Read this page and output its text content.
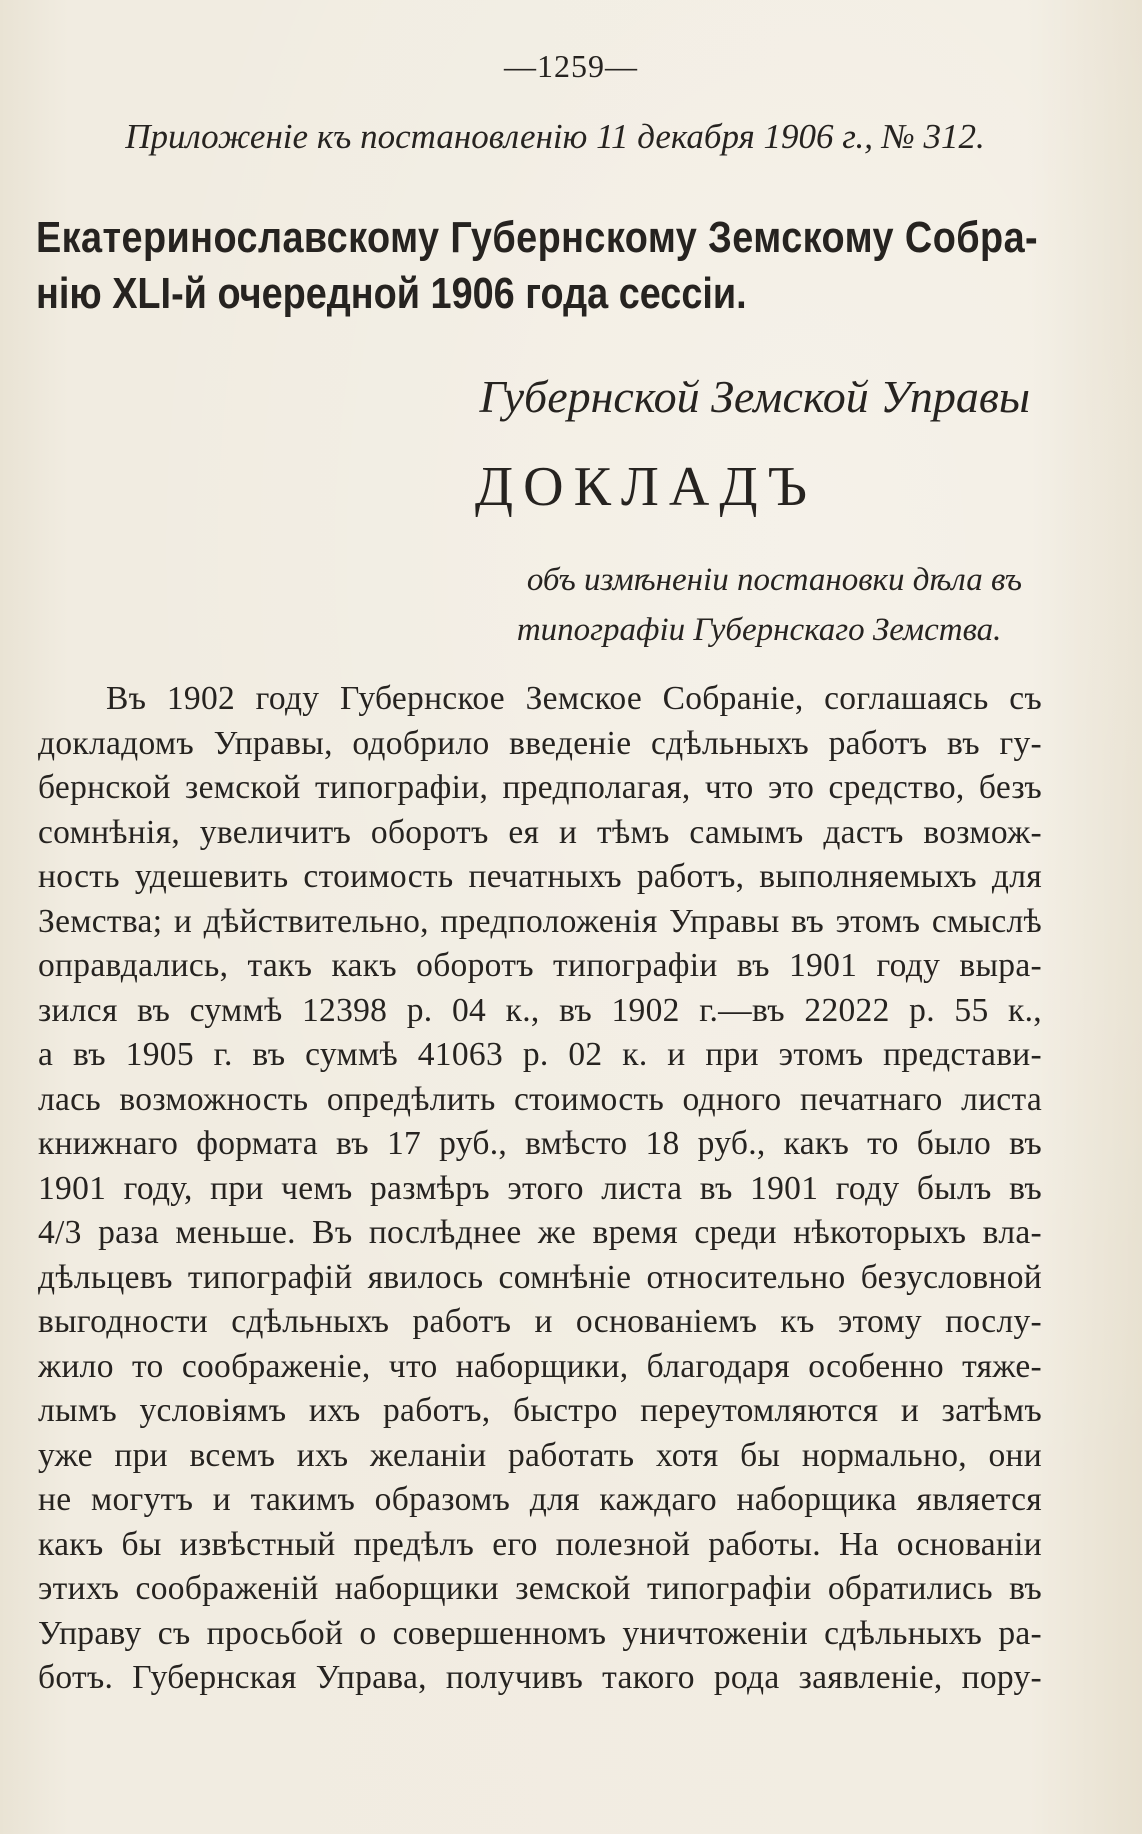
—1259—
Приложеніе къ постановленію 11 декабря 1906 г., № 312.
Екатеринославскому Губернскому Земскому Собра-
нію XLI-й очередной 1906 года сессіи.
Губернской Земской Управы
ДОКЛАДЪ
объ измѣненіи постановки дѣла въ
типографіи Губернскаго Земства.
Въ 1902 году Губернское Земское Собраніе, соглашаясь съ
докладомъ Управы, одобрило введеніе сдѣльныхъ работъ въ гу-
бернской земской типографіи, предполагая, что это средство, безъ
сомнѣнія, увеличитъ оборотъ ея и тѣмъ самымъ дастъ возмож-
ность удешевить стоимость печатныхъ работъ, выполняемыхъ для
Земства; и дѣйствительно, предположенія Управы въ этомъ смыслѣ
оправдались, такъ какъ оборотъ типографіи въ 1901 году выра-
зился въ суммѣ 12398 р. 04 к., въ 1902 г.—въ 22022 р. 55 к.,
а въ 1905 г. въ суммѣ 41063 р. 02 к. и при этомъ представи-
лась возможность опредѣлить стоимость одного печатнаго листа
книжнаго формата въ 17 руб., вмѣсто 18 руб., какъ то было въ
1901 году, при чемъ размѣръ этого листа въ 1901 году былъ въ
4/3 раза меньше. Въ послѣднее же время среди нѣкоторыхъ вла-
дѣльцевъ типографій явилось сомнѣніе относительно безусловной
выгодности сдѣльныхъ работъ и основаніемъ къ этому послу-
жило то соображеніе, что наборщики, благодаря особенно тяже-
лымъ условіямъ ихъ работъ, быстро переутомляются и затѣмъ
уже при всемъ ихъ желаніи работать хотя бы нормально, они
не могутъ и такимъ образомъ для каждаго наборщика является
какъ бы извѣстный предѣлъ его полезной работы. На основаніи
этихъ соображеній наборщики земской типографіи обратились въ
Управу съ просьбой о совершенномъ уничтоженіи сдѣльныхъ ра-
ботъ. Губернская Управа, получивъ такого рода заявленіе, пору-
